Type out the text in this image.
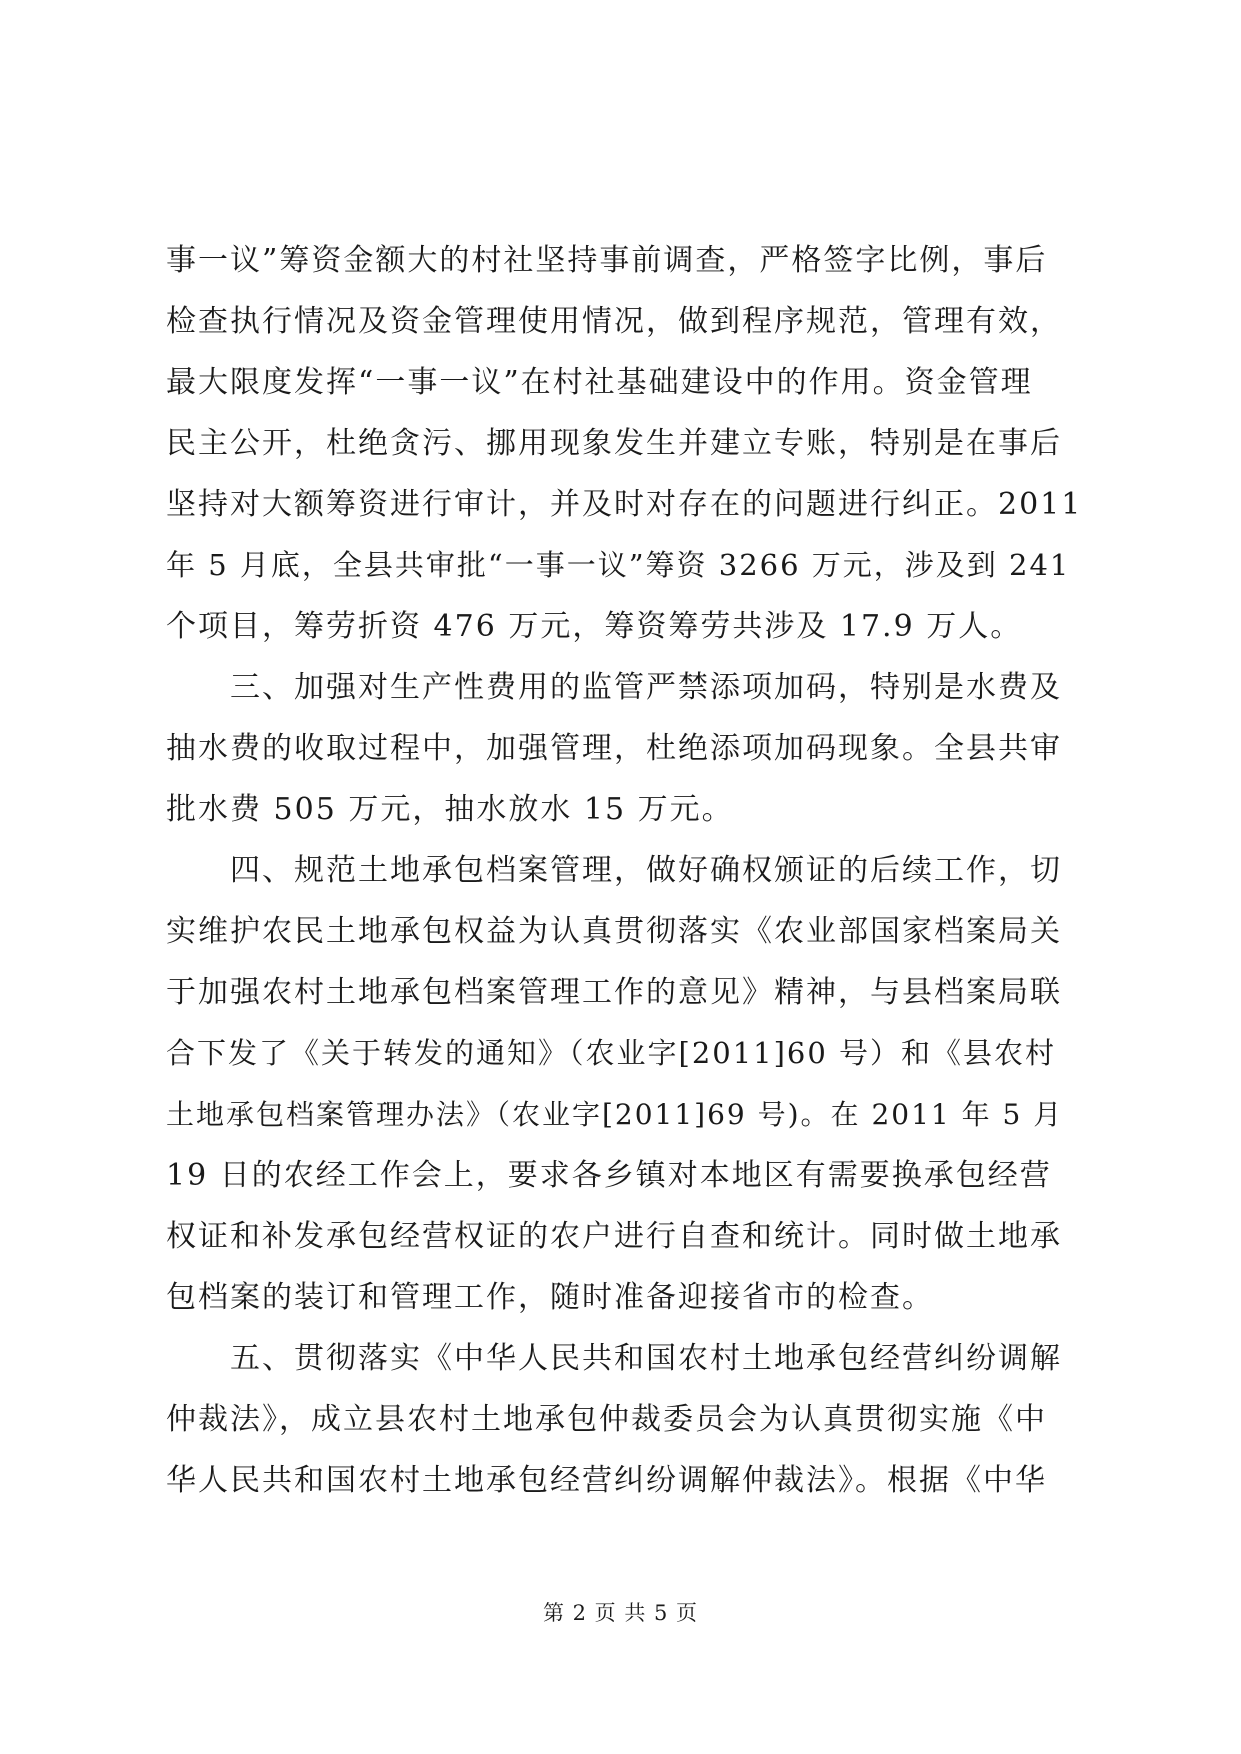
事一议”筹资金额大的村社坚持事前调查，严格签字比例，事后
检查执行情况及资金管理使用情况，做到程序规范，管理有效，
最大限度发挥“一事一议”在村社基础建设中的作用。资金管理
民主公开，杜绝贪污、挪用现象发生并建立专账，特别是在事后
坚持对大额筹资进行审计，并及时对存在的问题进行纠正。2011
年 5 月底，全县共审批“一事一议”筹资 3266 万元，涉及到 241
个项目，筹劳折资 476 万元，筹资筹劳共涉及 17.9 万人。

三、加强对生产性费用的监管严禁添项加码，特别是水费及
抽水费的收取过程中，加强管理，杜绝添项加码现象。全县共审
批水费 505 万元，抽水放水 15 万元。

四、规范土地承包档案管理，做好确权颁证的后续工作，切
实维护农民土地承包权益为认真贯彻落实《农业部国家档案局关
于加强农村土地承包档案管理工作的意见》精神，与县档案局联
合下发了《关于转发的通知》（农业字[2011]60 号）和《县农村
土地承包档案管理办法》（农业字[2011]69 号)。在 2011 年 5 月
19 日的农经工作会上，要求各乡镇对本地区有需要换承包经营
权证和补发承包经营权证的农户进行自查和统计。同时做土地承
包档案的装订和管理工作，随时准备迎接省市的检查。

五、贯彻落实《中华人民共和国农村土地承包经营纠纷调解
仲裁法》，成立县农村土地承包仲裁委员会为认真贯彻实施《中
华人民共和国农村土地承包经营纠纷调解仲裁法》。根据《中华

第 2 页 共 5 页
